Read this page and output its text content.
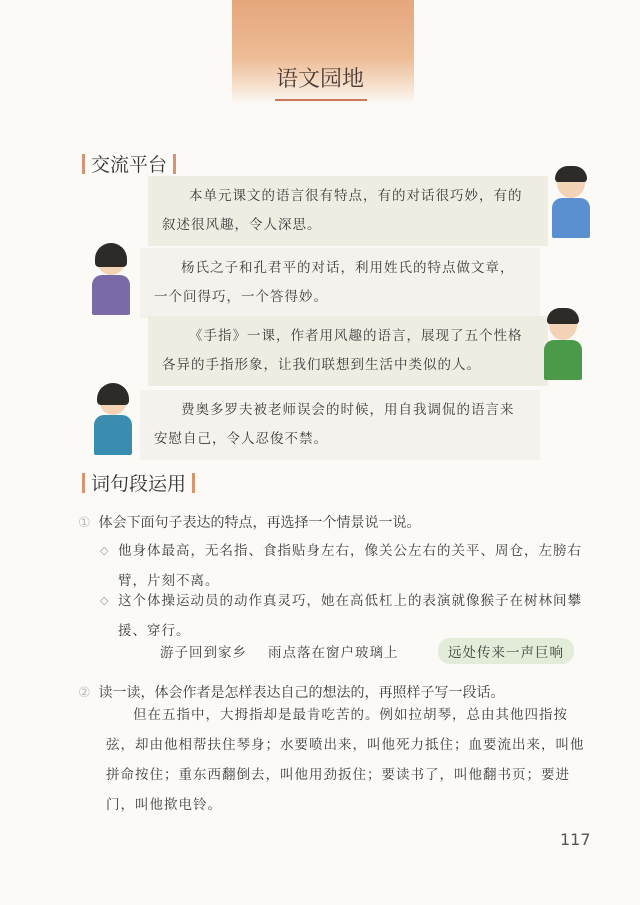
语文园地
交流平台
本单元课文的语言很有特点，有的对话很巧妙，有的叙述很风趣，令人深思。
杨氏之子和孔君平的对话，利用姓氏的特点做文章，一个问得巧，一个答得妙。
《手指》一课，作者用风趣的语言，展现了五个性格各异的手指形象，让我们联想到生活中类似的人。
费奥多罗夫被老师误会的时候，用自我调侃的语言来安慰自己，令人忍俊不禁。
词句段运用
① 体会下面句子表达的特点，再选择一个情景说一说。
◇ 他身体最高，无名指、食指贴身左右，像关公左右的关平、周仓，左膀右臂，片刻不离。
◇ 这个体操运动员的动作真灵巧，她在高低杠上的表演就像猴子在树林间攀援、穿行。
游子回到家乡	雨点落在窗户玻璃上	远处传来一声巨响
② 读一读，体会作者是怎样表达自己的想法的，再照样子写一段话。
但在五指中，大拇指却是最肯吃苦的。例如拉胡琴，总由其他四指按弦，却由他相帮扶住琴身；水要喷出来，叫他死力抵住；血要流出来，叫他拼命按住；重东西翻倒去，叫他用劲扳住；要读书了，叫他翻书页；要进门，叫他揿电铃。
117
